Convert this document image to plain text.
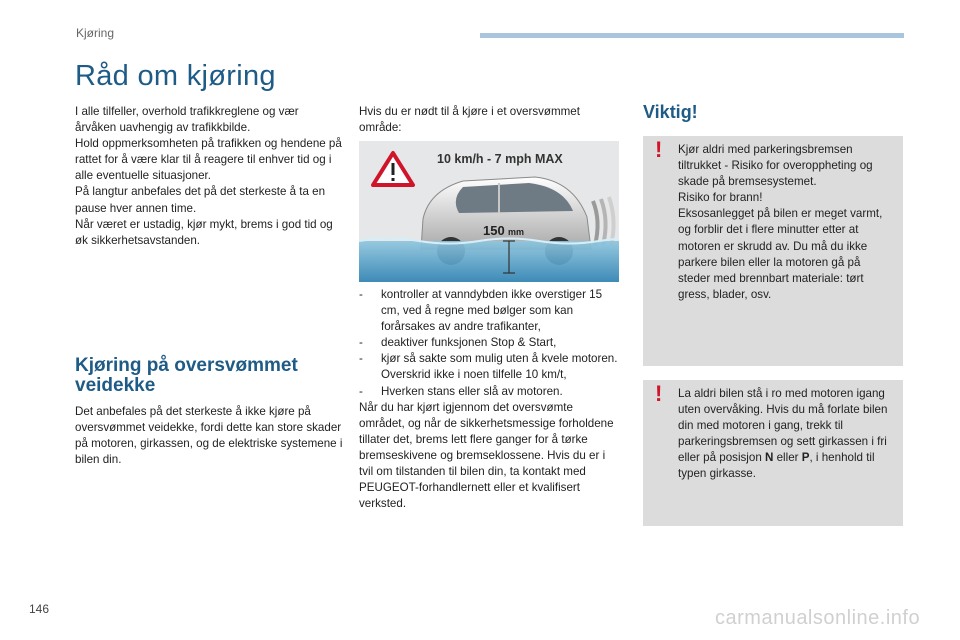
Kjøring
Råd om kjøring

I alle tilfeller, overhold trafikkreglene og vær årvåken uavhengig av trafikkbilde.

Hold oppmerksomheten på trafikken og hendene på rattet for å være klar til å reagere til enhver tid og i alle eventuelle situasjoner.

På langtur anbefales det på det sterkeste å ta en pause hver annen time.

Når været er ustadig, kjør mykt, brems i god tid og øk sikkerhetsavstanden.

Kjøring på oversvømmet veidekke

Det anbefales på det sterkeste å ikke kjøre på oversvømmet veidekke, fordi dette kan store skader på motoren, girkassen, og de elektriske systemene i bilen din.

Hvis du er nødt til å kjøre i et oversvømmet område:

10 km/h - 7 mph MAX
150 mm
- kontroller at vanndybden ikke overstiger 15 cm, ved å regne med bølger som kan forårsakes av andre trafikanter,
- deaktiver funksjonen Stop & Start,
- kjør så sakte som mulig uten å kvele motoren. Overskrid ikke i noen tilfelle 10 km/t,
- Hverken stans eller slå av motoren.

Når du har kjørt igjennom det oversvømte området, og når de sikkerhetsmessige forholdene tillater det, brems lett flere ganger for å tørke bremseskivene og bremseklossene. Hvis du er i tvil om tilstanden til bilen din, ta kontakt med PEUGEOT-forhandlernett eller et kvalifisert verksted.

Viktig!
! Kjør aldri med parkeringsbremsen tiltrukket - Risiko for overoppheting og skade på bremsesystemet.

Risiko for brann!

Eksosanlegget på bilen er meget varmt, og forblir det i flere minutter etter at motoren er skrudd av. Du må du ikke parkere bilen eller la motoren gå på steder med brennbart materiale: tørt gress, blader, osv.

! La aldri bilen stå i ro med motoren igang uten overvåking. Hvis du må forlate bilen din med motoren i gang, trekk til parkeringsbremsen og sett girkassen i fri eller på posisjon N eller P, i henhold til typen girkasse.

146	carmanualsonline.info
